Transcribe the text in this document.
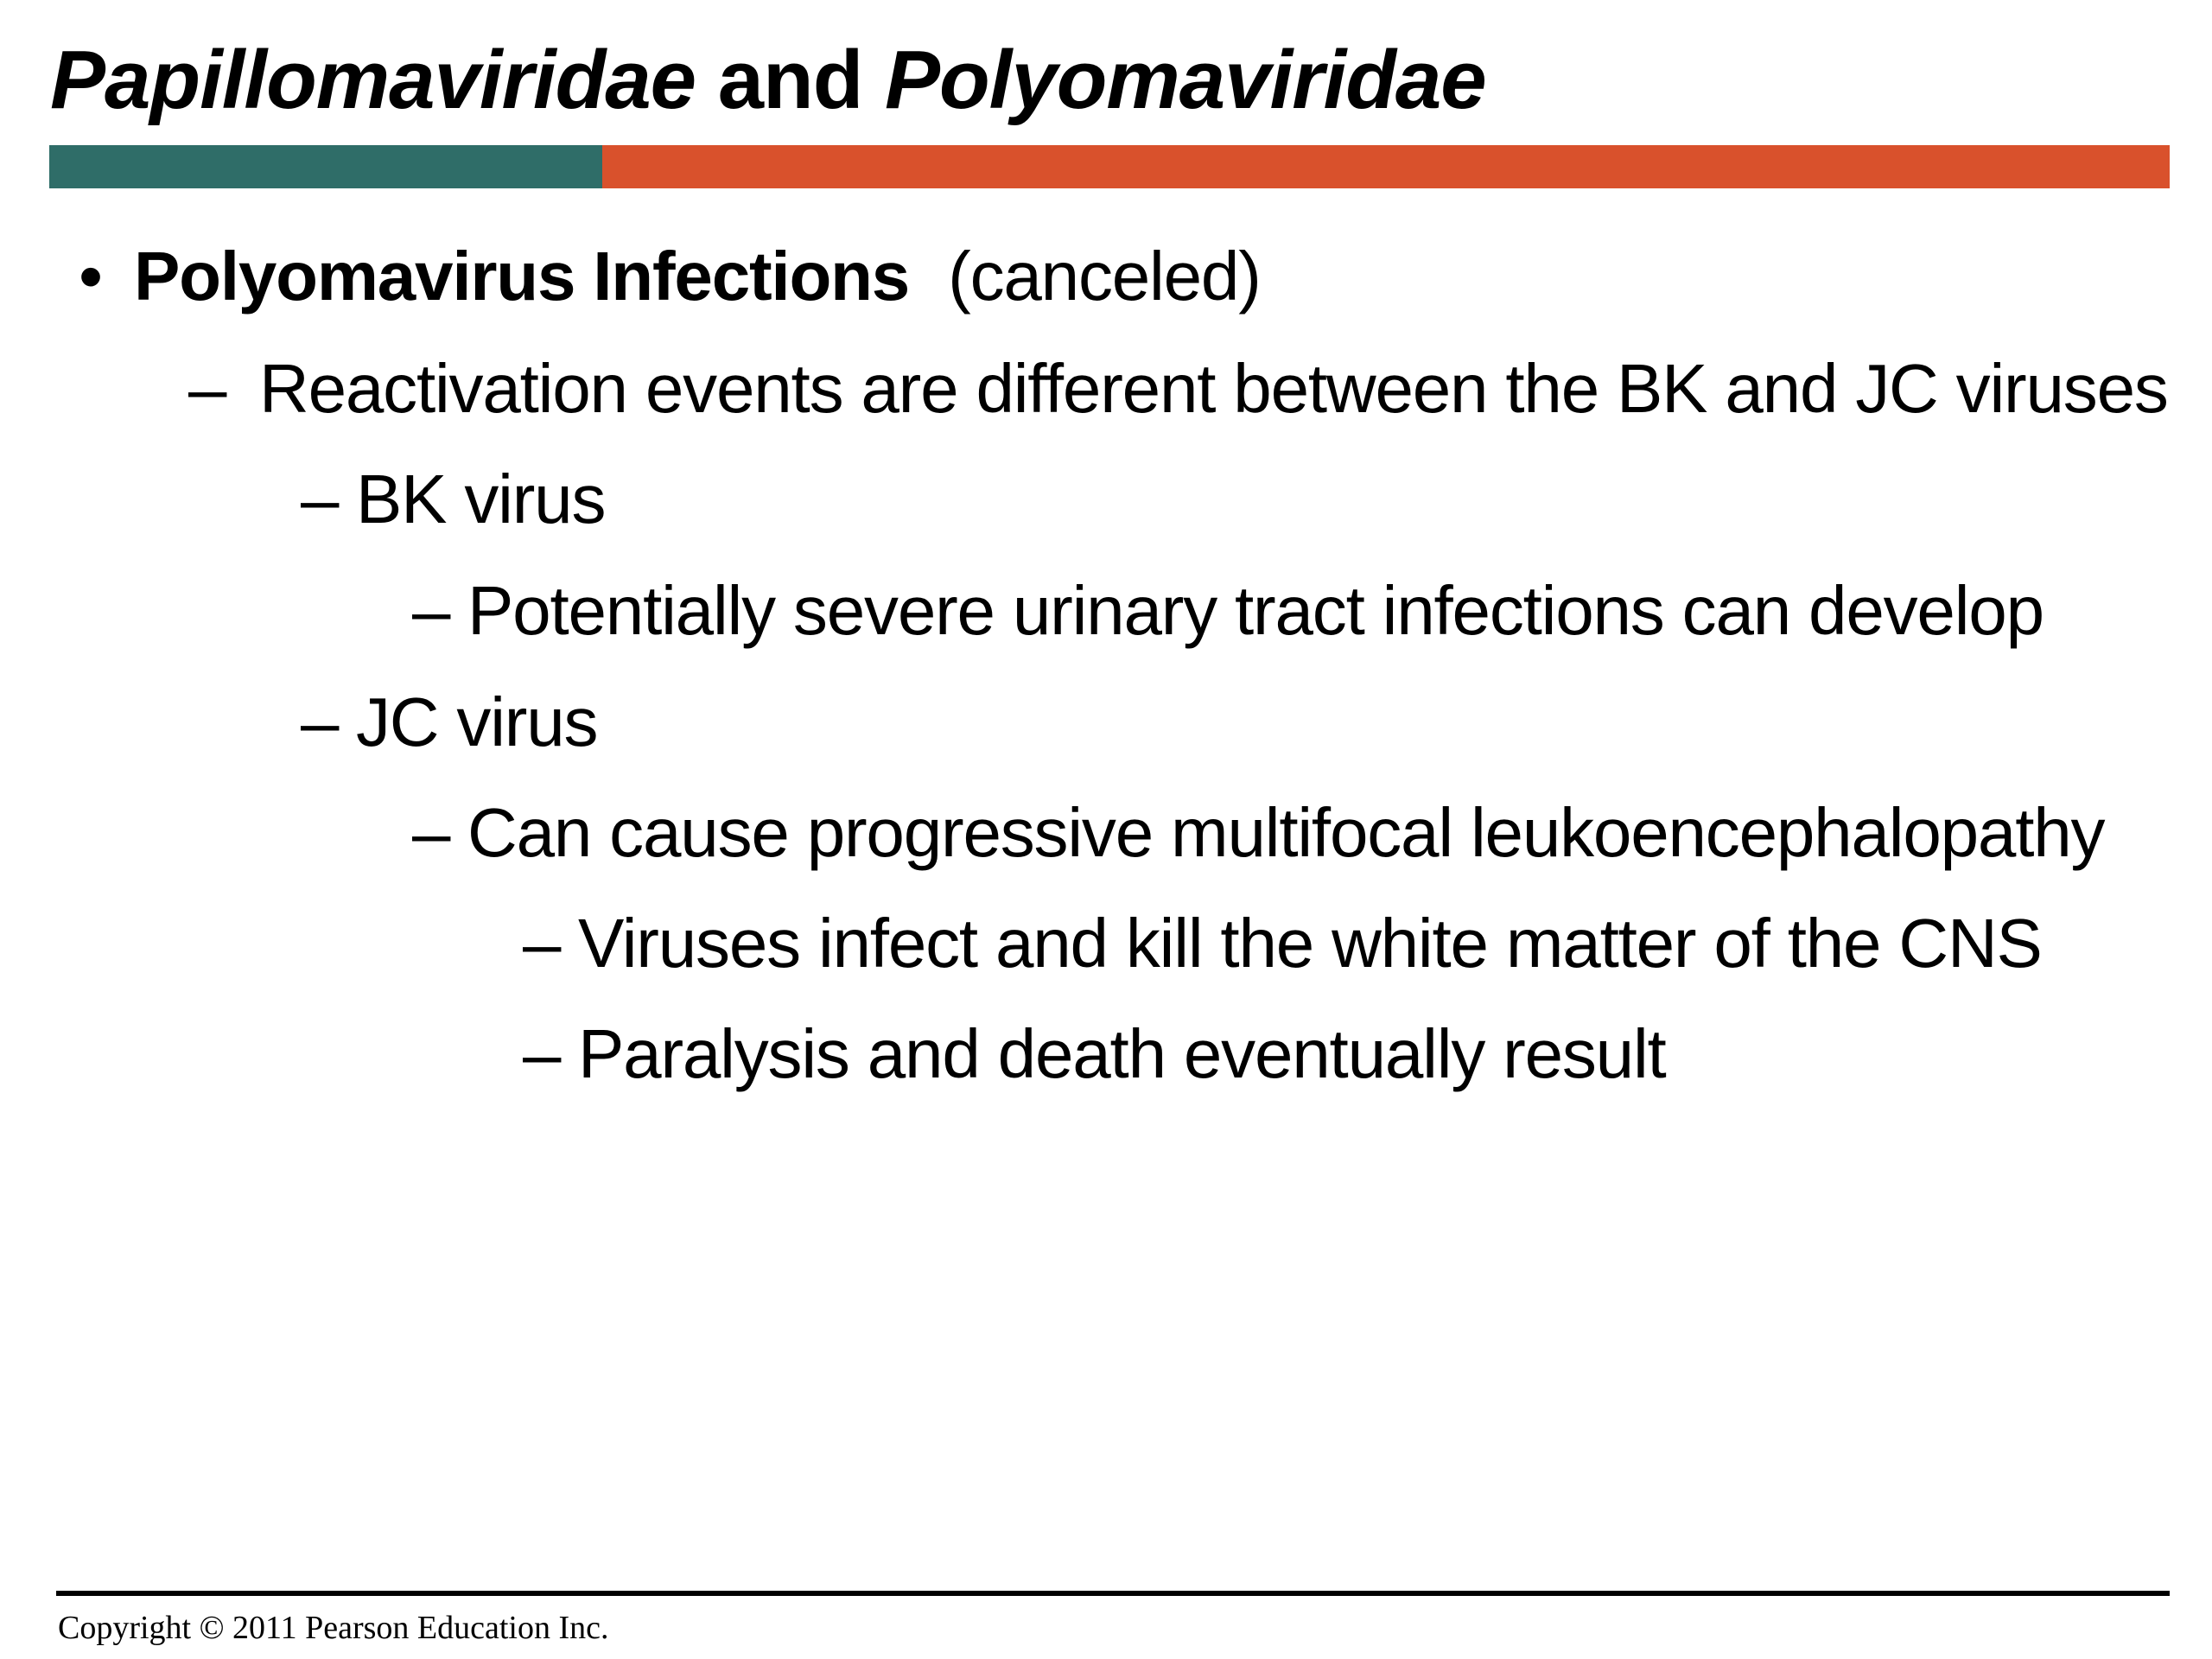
Papillomaviridae and Polyomaviridae
• Polyomavirus Infections (canceled)
– Reactivation events are different between the BK and JC viruses
– BK virus
– Potentially severe urinary tract infections can develop
– JC virus
– Can cause progressive multifocal leukoencephalopathy
– Viruses infect and kill the white matter of the CNS
– Paralysis and death eventually result
Copyright © 2011 Pearson Education Inc.
